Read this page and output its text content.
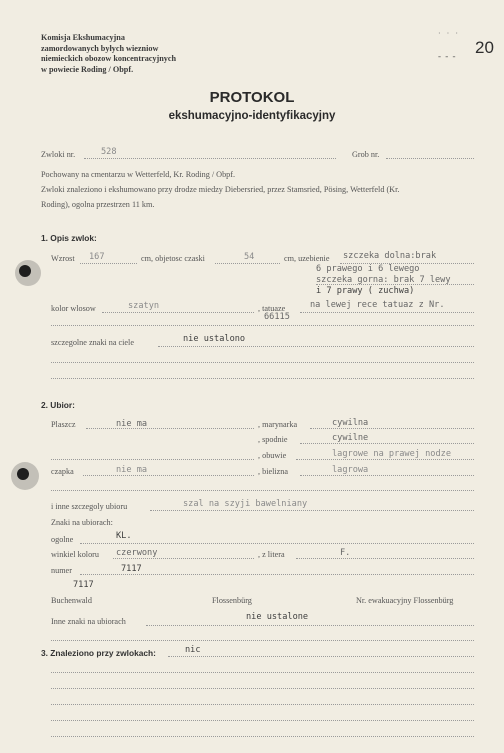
Komisja Ekshumacyjna
zamordowanych byłych wiezniow
niemieckich obozow koncentracyjnych
w powiecie Roding / Obpf.
· · ·
- - - 20
PROTOKOL
ekshumacyjno-identyfikacyjny
Zwloki nr.	528	Grob nr.
Pochowany na cmentarzu w Wetterfeld, Kr. Roding / Obpf.
Zwloki znaleziono i ekshumowano przy drodze miedzy Diebersried, przez Stamsried, Pösing, Wetterfeld (Kr.
Roding), ogolna przestrzen 11 km.
1. Opis zwlok:
Wzrost 167	cm, objetosc czaski	54	cm, uzebienie szczeka dolna:brak
6 prawego i 6 lewego
szczeka gorna: brak 7 lewy
i 7 prawy ( zuchwa)
kolor wlosow	szatyn	, tatuaze	na lewej rece tatuaz z Nr.
66115
szczegolne znaki na ciele	nie ustalono
2. Ubior:
Plaszcz	nie ma	, marynarka	cywilna
, spodnie	cywilne
, obuwie	lagrowe na prawej nodze
czapka	nie ma	, bielizna	lagrowa
i inne szczegoly ubioru	szal na szyji bawelniany
Znaki na ubiorach:
ogolne	KL.
winkiel koloru czerwony	, z litera	F.
numer	7117
7117
Buchenwald	Flossenbürg	Nr. ewakuacyjny Flossenbürg
Inne znaki na ubiorach	nie ustalone
3. Znaleziono przy zwlokach:	nic
